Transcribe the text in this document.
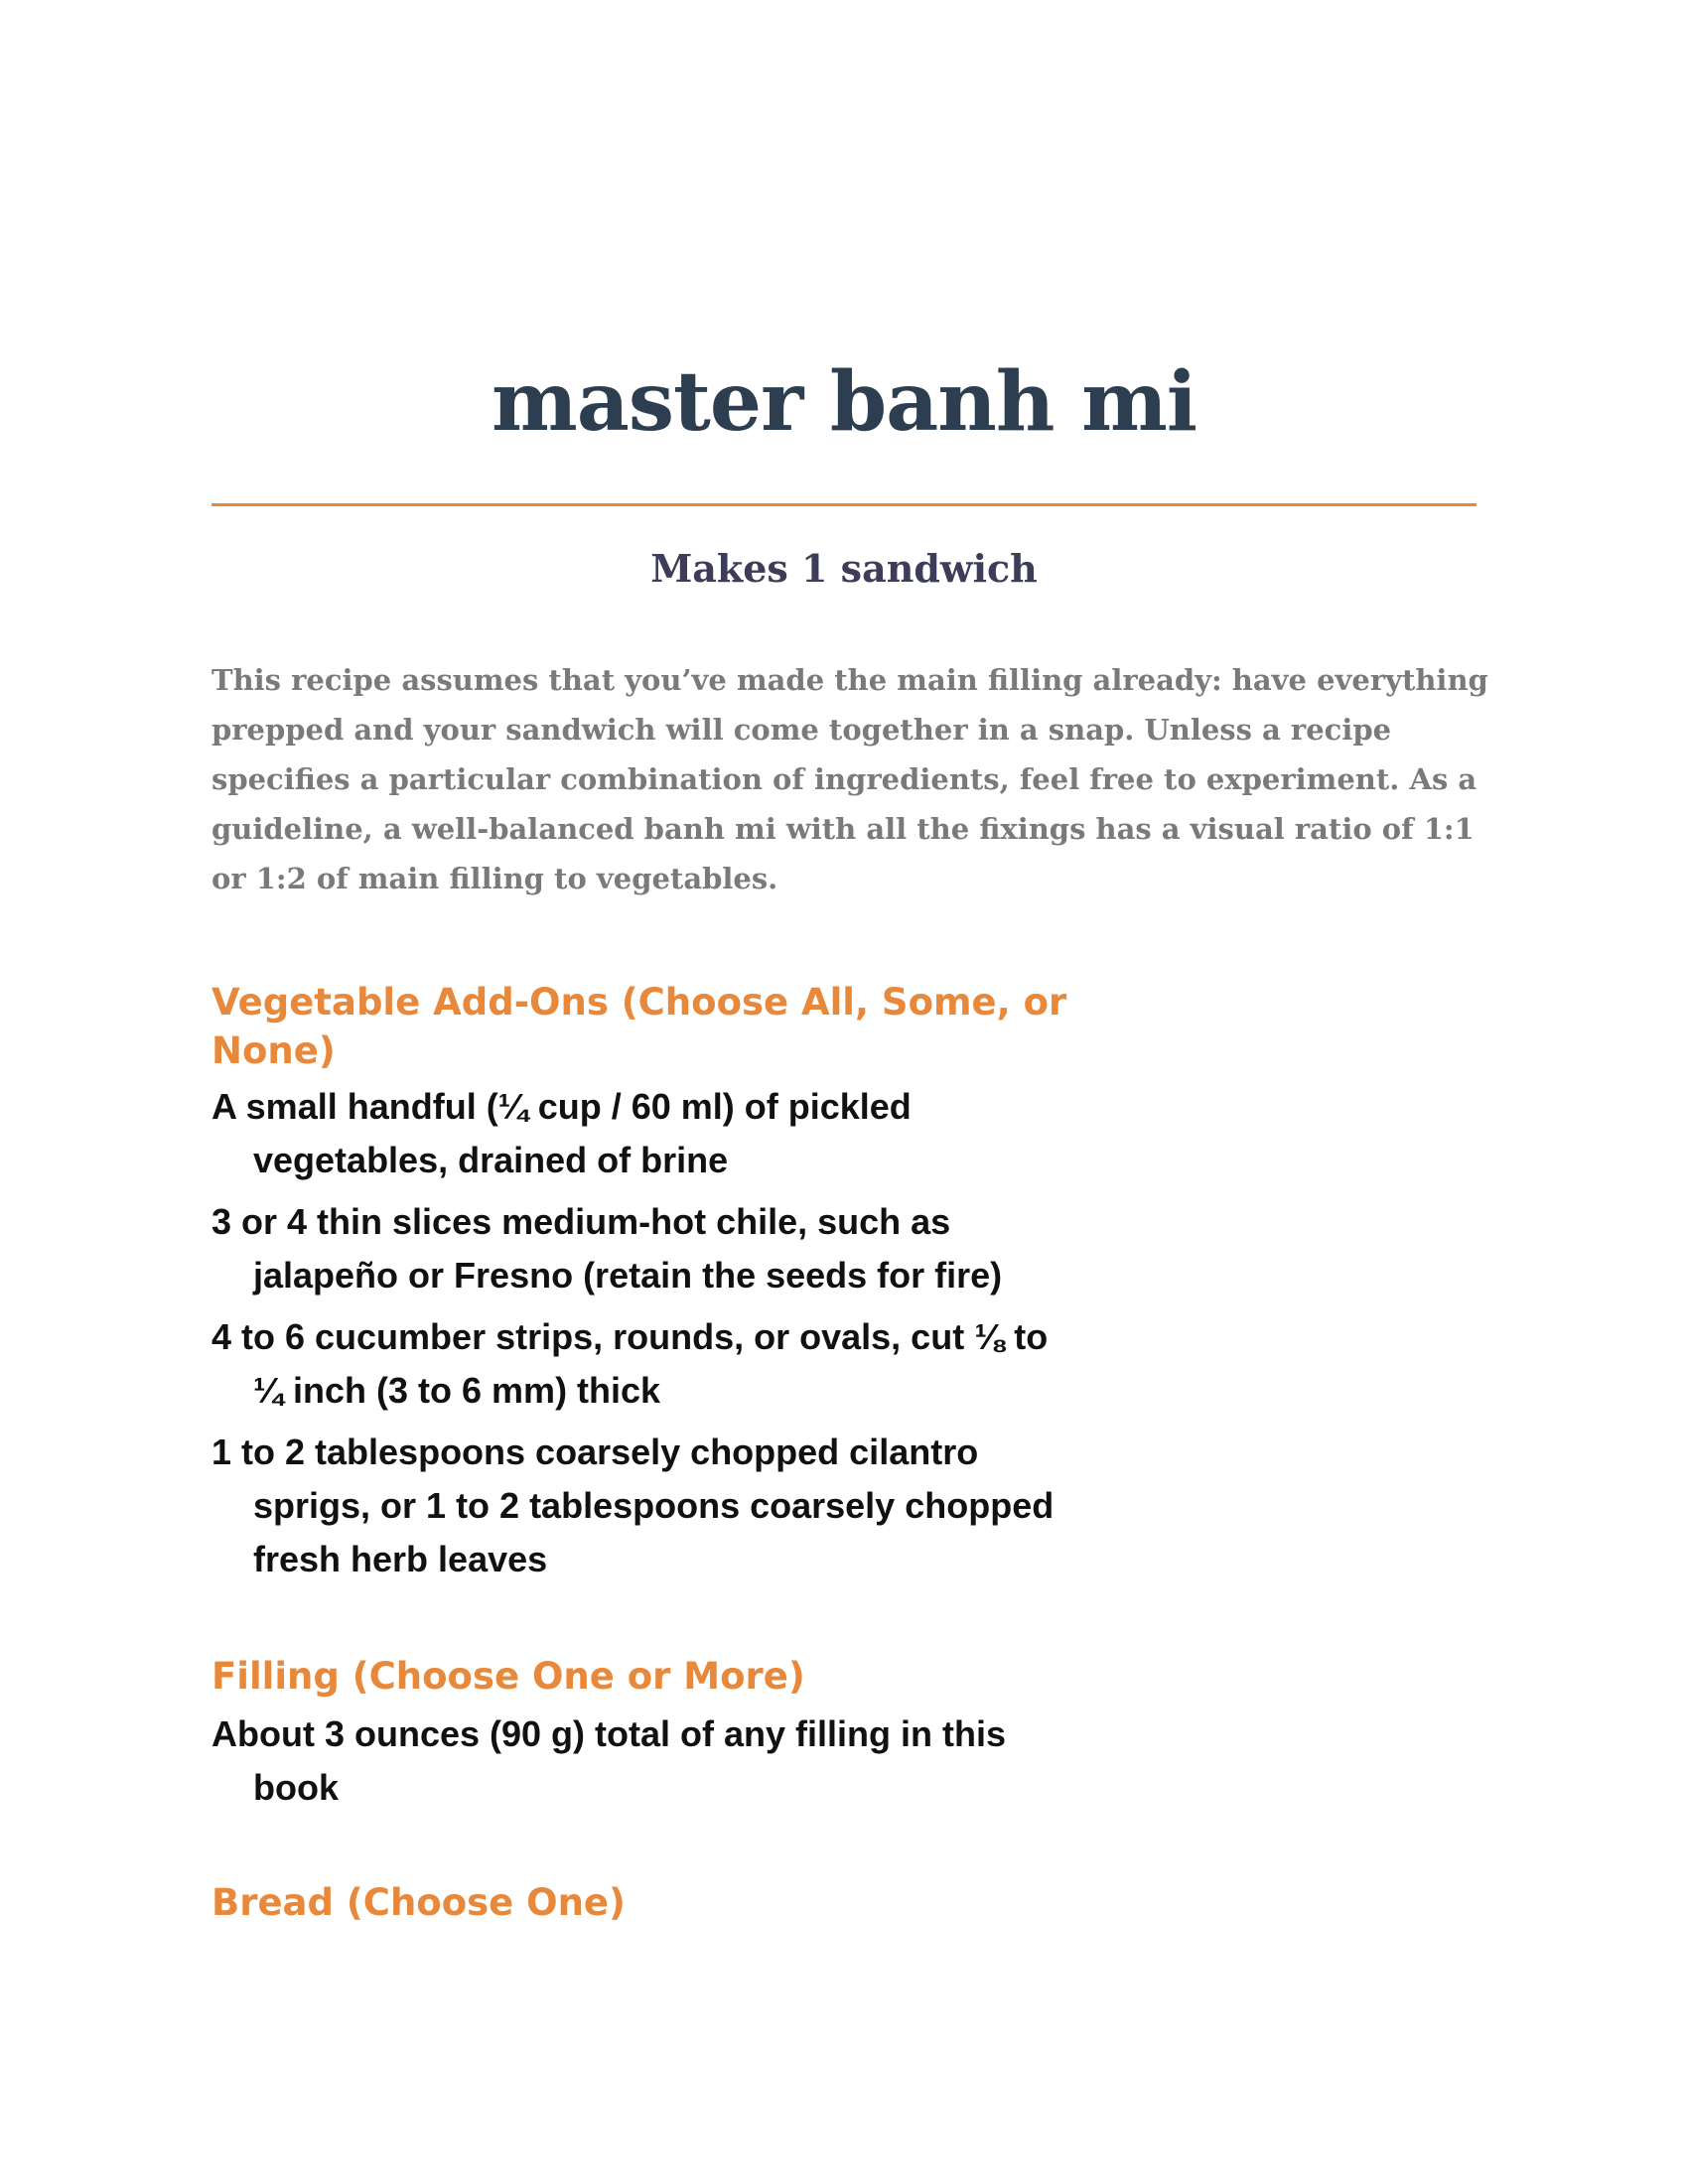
master banh mi
Makes 1 sandwich

This recipe assumes that you’ve made the main filling already: have everything prepped and your sandwich will come together in a snap. Unless a recipe specifies a particular combination of ingredients, feel free to experiment. As a guideline, a well-balanced banh mi with all the fixings has a visual ratio of 1:1 or 1:2 of main filling to vegetables.

Vegetable Add-Ons (Choose All, Some, or None)
A small handful (¼ cup / 60 ml) of pickled vegetables, drained of brine
3 or 4 thin slices medium-hot chile, such as jalapeño or Fresno (retain the seeds for fire)
4 to 6 cucumber strips, rounds, or ovals, cut ⅛ to ¼ inch (3 to 6 mm) thick
1 to 2 tablespoons coarsely chopped cilantro sprigs, or 1 to 2 tablespoons coarsely chopped fresh herb leaves
Filling (Choose One or More)
About 3 ounces (90 g) total of any filling in this book
Bread (Choose One)
